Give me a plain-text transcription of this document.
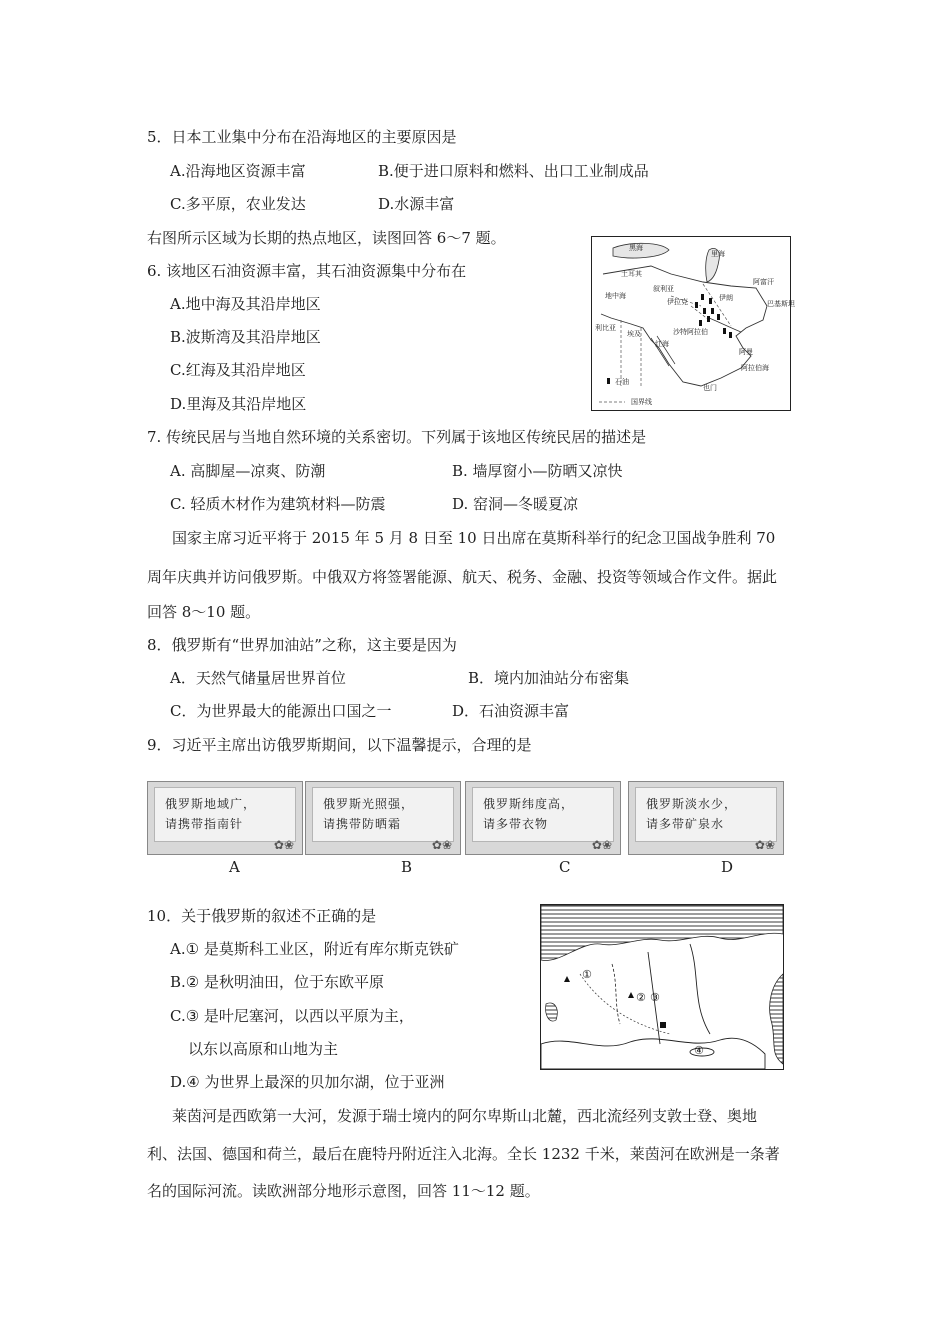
5．日本工业集中分布在沿海地区的主要原因是
A.沿海地区资源丰富	B.便于进口原料和燃料、出口工业制成品
C.多平原，农业发达	D.水源丰富
右图所示区域为长期的热点地区，读图回答 6～7 题。
6. 该地区石油资源丰富，其石油资源集中分布在
A.地中海及其沿岸地区
B.波斯湾及其沿岸地区
C.红海及其沿岸地区
D.里海及其沿岸地区
黑海
里海
土耳其
叙利亚
伊朗
伊拉克
阿富汗
巴基斯坦
地中海
利比亚
埃及	沙特阿拉伯
红海
也门
阿曼
阿拉伯海
石油
国界线
7. 传统民居与当地自然环境的关系密切。下列属于该地区传统民居的描述是
A. 高脚屋—凉爽、防潮	B. 墙厚窗小—防晒又凉快
C. 轻质木材作为建筑材料—防震	D. 窑洞—冬暖夏凉
国家主席习近平将于 2015 年 5 月 8 日至 10 日出席在莫斯科举行的纪念卫国战争胜利 70
周年庆典并访问俄罗斯。中俄双方将签署能源、航天、税务、金融、投资等领域合作文件。据此
回答 8～10 题。
8．俄罗斯有“世界加油站”之称，这主要是因为
A．天然气储量居世界首位	B．境内加油站分布密集
C．为世界最大的能源出口国之一	D．石油资源丰富
9．习近平主席出访俄罗斯期间，以下温馨提示，合理的是
俄罗斯地域广，
请携带指南针
✿❀
俄罗斯光照强，
请携带防晒霜
✿❀
俄罗斯纬度高，
请多带衣物
✿❀
俄罗斯淡水少，
请多带矿泉水
✿❀
A	B	C	D
10．关于俄罗斯的叙述不正确的是
A.① 是莫斯科工业区，附近有库尔斯克铁矿
B.② 是秋明油田，位于东欧平原
C.③ 是叶尼塞河，以西以平原为主，
以东以高原和山地为主
D.④ 为世界上最深的贝加尔湖，位于亚洲
①
② ③
④
莱茵河是西欧第一大河，发源于瑞士境内的阿尔卑斯山北麓，西北流经列支敦士登、奥地
利、法国、德国和荷兰，最后在鹿特丹附近注入北海。全长 1232 千米，莱茵河在欧洲是一条著
名的国际河流。读欧洲部分地形示意图，回答 11～12 题。
